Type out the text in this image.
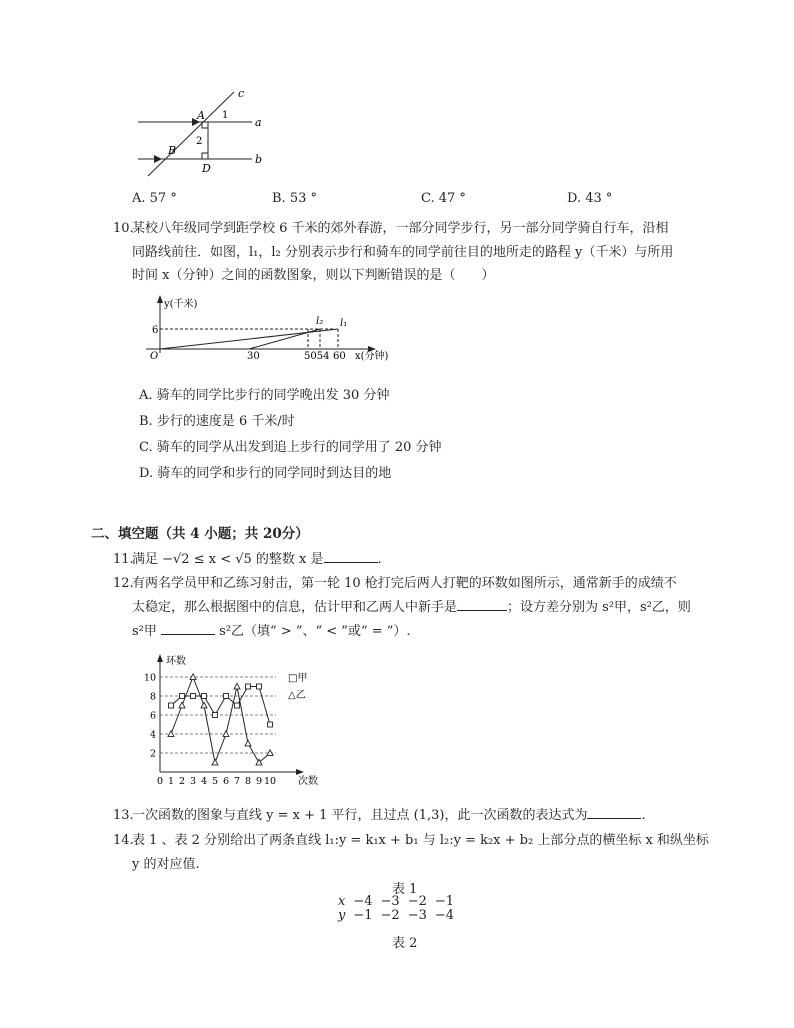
c
a
b
A
B
D
1
2
A. 57 °	B. 53 °	C. 47 °	D. 43 °
10.
某校八年级同学到距学校 6 千米的郊外春游，一部分同学步行，另一部分同学骑自行车，沿相
同路线前往．如图，l₁，l₂ 分别表示步行和骑车的同学前往目的地所走的路程 y（千米）与所用
时间 x（分钟）之间的函数图象，则以下判断错误的是（　　）
y(千米)
x(分钟)
O
6
30	5054 60
l₂ l₁
A. 骑车的同学比步行的同学晚出发 30 分钟
B. 步行的速度是 6 千米/时
C. 骑车的同学从出发到追上步行的同学用了 20 分钟
D. 骑车的同学和步行的同学同时到达目的地
二、填空题（共 4 小题；共 20分）
11.
满足 −√2 ≤ x < √5 的整数 x 是	.
12.
有两名学员甲和乙练习射击，第一轮 10 枪打完后两人打靶的环数如图所示，通常新手的成绩不
太稳定，那么根据图中的信息，估计甲和乙两人中新手是	；设方差分别为 s²甲，s²乙，则
s²甲	s²乙（填“ > ”、“ < ”或“ = ”）.
环数
次数
2
4
6
8
10
0 1 2 3 4 5 6 7 8 9 10
□甲
△乙
13.
一次函数的图象与直线 y = x + 1 平行，且过点 (1,3)，此一次函数的表达式为	.
14.
表 1 、表 2 分别给出了两条直线 l₁:y = k₁x + b₁ 与 l₂:y = k₂x + b₂ 上部分点的横坐标 x 和纵坐标
y 的对应值.
表 1
x	−4	−3	−2	−1
y	−1	−2	−3	−4
表 2
